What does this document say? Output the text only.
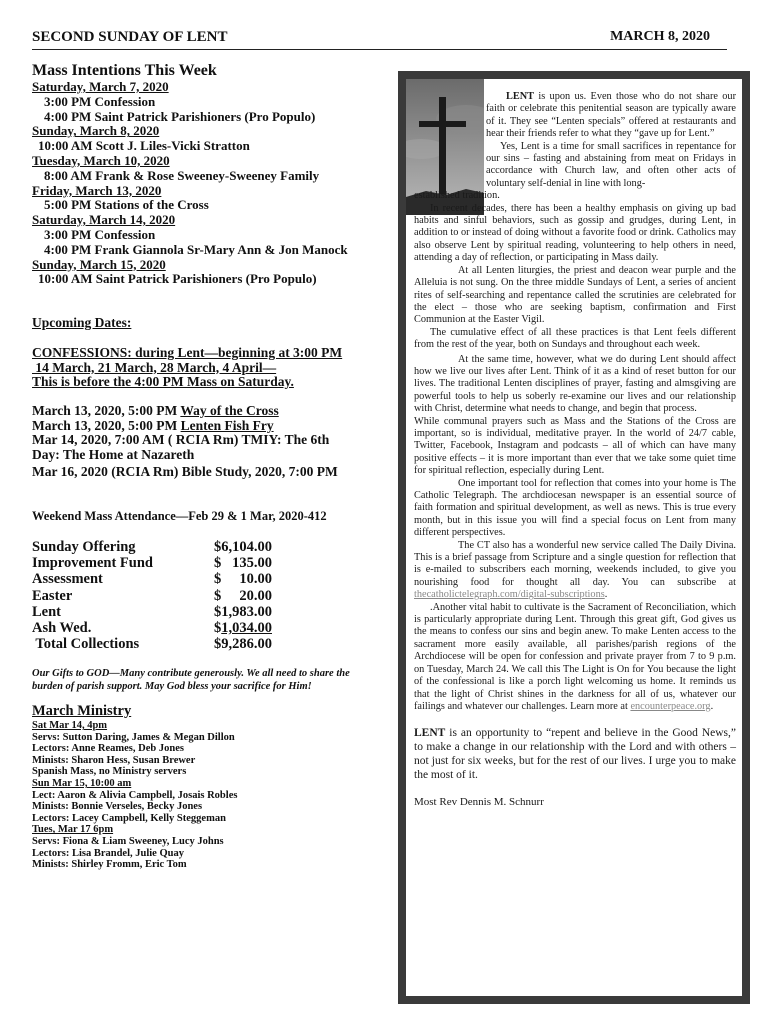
SECOND SUNDAY OF LENT	MARCH 8, 2020
Mass Intentions This Week
Saturday, March 7, 2020
3:00 PM Confession
4:00 PM Saint Patrick Parishioners (Pro Populo)
Sunday, March 8, 2020
10:00 AM Scott J. Liles-Vicki Stratton
Tuesday, March 10, 2020
8:00 AM Frank & Rose Sweeney-Sweeney Family
Friday, March 13, 2020
5:00 PM Stations of the Cross
Saturday, March 14, 2020
3:00 PM Confession
4:00 PM Frank Giannola Sr-Mary Ann & Jon Manock
Sunday, March 15, 2020
10:00 AM Saint Patrick Parishioners (Pro Populo)
Upcoming Dates:
CONFESSIONS: during Lent—beginning at 3:00 PM
14 March, 21 March, 28 March, 4 April—
This is before the 4:00 PM Mass on Saturday.
March 13, 2020, 5:00 PM Way of the Cross
March 13, 2020, 5:00 PM Lenten Fish Fry
Mar 14, 2020, 7:00 AM ( RCIA Rm) TMIY: The 6th
Day: The Home at Nazareth
Mar 16, 2020 (RCIA Rm) Bible Study, 2020, 7:00 PM
Weekend Mass Attendance—Feb 29 & 1 Mar, 2020-412
Sunday Offering	$ 6,104.00
Improvement Fund	$ 135.00
Assessment	$ 10.00
Easter	$ 20.00
Lent	$ 1,983.00
Ash Wed.	$ 1,034.00
Total Collections	$ 9,286.00
Our Gifts to GOD—Many contribute generously. We all need to share the burden of parish support. May God bless your sacrifice for Him!
March Ministry
Sat Mar 14, 4pm
Servs: Sutton Daring, James & Megan Dillon
Lectors: Anne Reames, Deb Jones
Minists: Sharon Hess, Susan Brewer
Spanish Mass, no Ministry servers
Sun Mar 15, 10:00 am
Lect: Aaron & Alivia Campbell, Josais Robles
Minists: Bonnie Verseles, Becky Jones
Lectors: Lacey Campbell, Kelly Steggeman
Tues, Mar 17 6pm
Servs: Fiona & Liam Sweeney, Lucy Johns
Lectors: Lisa Brandel, Julie Quay
Minists: Shirley Fromm, Eric Tom

LENT is upon us. Even those who do not share our faith or celebrate this penitential season are typically aware of it. They see “Lenten specials” offered at restaurants and hear their friends refer to what they “gave up for Lent.”

Yes, Lent is a time for small sacrifices in repentance for our sins – fasting and abstaining from meat on Fridays in accordance with Church law, and often other acts of voluntary self-denial in line with long-

established tradition.

In recent decades, there has been a healthy emphasis on giving up bad habits and sinful behaviors, such as gossip and grudges, during Lent, in addition to or instead of doing without a favorite food or drink. Catholics may also observe Lent by spiritual reading, volunteering to help others in need, attending a day of reflection, or participating in Mass daily.

At all Lenten liturgies, the priest and deacon wear purple and the Alleluia is not sung. On the three middle Sundays of Lent, a series of ancient rites of self-searching and repentance called the scrutinies are celebrated for the elect – those who are seeking baptism, confirmation and First Communion at the Easter Vigil.

The cumulative effect of all these practices is that Lent feels different from the rest of the year, both on Sundays and throughout each week.

At the same time, however, what we do during Lent should affect how we live our lives after Lent. Think of it as a kind of reset button for our lives. The traditional Lenten disciplines of prayer, fasting and almsgiving are powerful tools to help us soberly re-examine our lives and our relationship with Christ, determine what needs to change, and begin that process.

While communal prayers such as Mass and the Stations of the Cross are important, so is individual, meditative prayer. In the world of 24/7 cable, Twitter, Facebook, Instagram and podcasts – all of which can have many positive effects – it is more important than ever that we take some quiet time for spiritual reflection, especially during Lent.

One important tool for reflection that comes into your home is The Catholic Telegraph. The archdiocesan newspaper is an essential source of faith formation and spiritual development, as well as news. This is true every month, but in this issue you will find a special focus on Lent from many different perspectives.

The CT also has a wonderful new service called The Daily Divina. This is a brief passage from Scripture and a single question for reflection that is e-mailed to subscribers each morning, weekends included, to give you nourishing food for thought all day. You can subscribe at thecatholictelegraph.com/digital-subscriptions.

.Another vital habit to cultivate is the Sacrament of Reconciliation, which is particularly appropriate during Lent. Through this great gift, God gives us the means to confess our sins and begin anew. To make Lenten access to the sacrament more easily available, all parishes/parish regions of the Archdiocese will be open for confession and private prayer from 7 to 9 p.m. on Tuesday, March 24. We call this The Light is On for You because the light of the confessional is like a porch light welcoming us home. It reminds us that the light of Christ shines in the darkness for all of us, whatever our failings and whatever our challenges. Learn more at encounterpeace.org.

LENT is an opportunity to “repent and believe in the Good News,” to make a change in our relationship with the Lord and with others – not just for six weeks, but for the rest of our lives. I urge you to make the most of it.

Most Rev Dennis M. Schnurr
